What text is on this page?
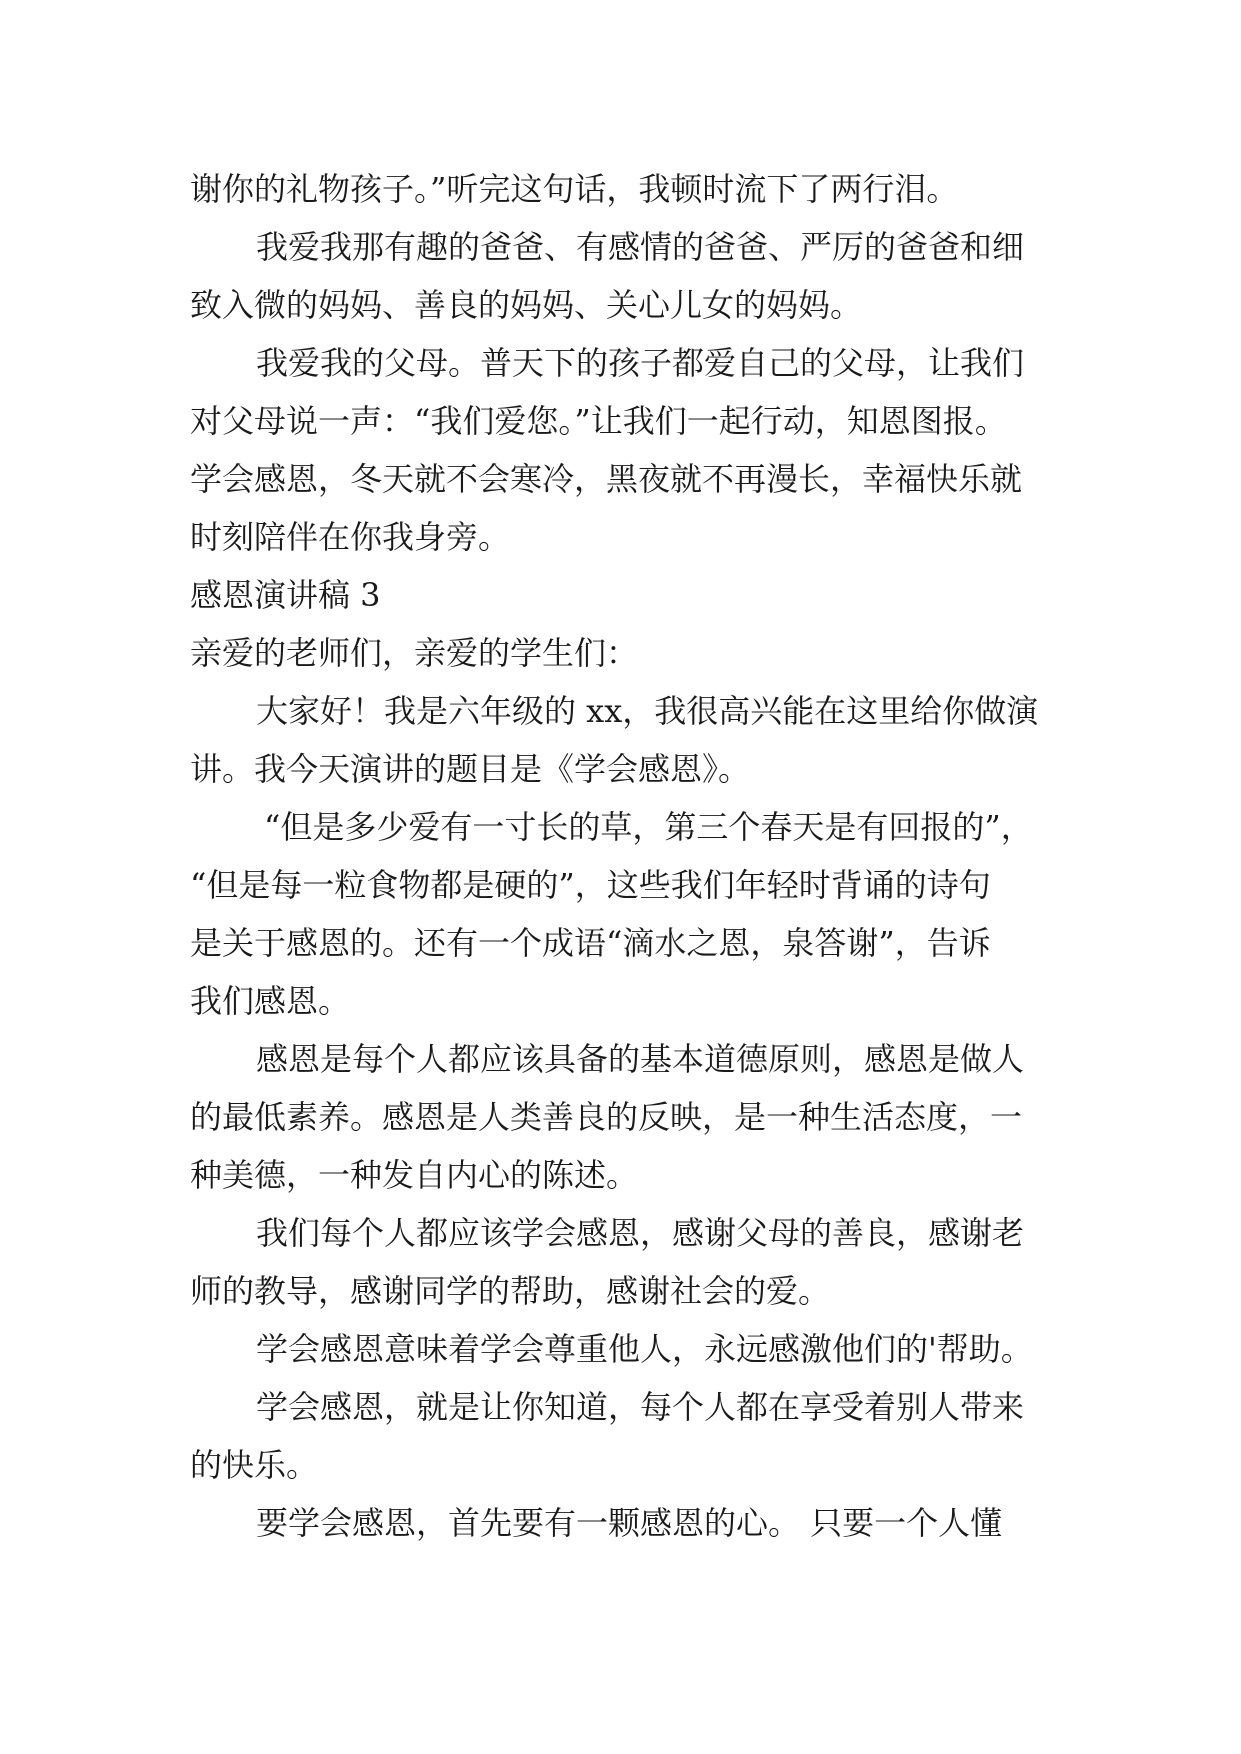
谢你的礼物孩子。”听完这句话，我顿时流下了两行泪。
我爱我那有趣的爸爸、有感情的爸爸、严厉的爸爸和细
致入微的妈妈、善良的妈妈、关心儿女的妈妈。
我爱我的父母。普天下的孩子都爱自己的父母，让我们
对父母说一声：“我们爱您。”让我们一起行动，知恩图报。
学会感恩，冬天就不会寒冷，黑夜就不再漫长，幸福快乐就
时刻陪伴在你我身旁。
感恩演讲稿 3
亲爱的老师们，亲爱的学生们：
大家好！我是六年级的 xx，我很高兴能在这里给你做演
讲。我今天演讲的题目是《学会感恩》。
“但是多少爱有一寸长的草，第三个春天是有回报的”，
“但是每一粒食物都是硬的”，这些我们年轻时背诵的诗句
是关于感恩的。还有一个成语“滴水之恩，泉答谢”，告诉
我们感恩。
感恩是每个人都应该具备的基本道德原则，感恩是做人
的最低素养。感恩是人类善良的反映，是一种生活态度，一
种美德，一种发自内心的陈述。
我们每个人都应该学会感恩，感谢父母的善良，感谢老
师的教导，感谢同学的帮助，感谢社会的爱。
学会感恩意味着学会尊重他人，永远感激他们的'帮助。
学会感恩，就是让你知道，每个人都在享受着别人带来
的快乐。
要学会感恩，首先要有一颗感恩的心。 只要一个人懂
